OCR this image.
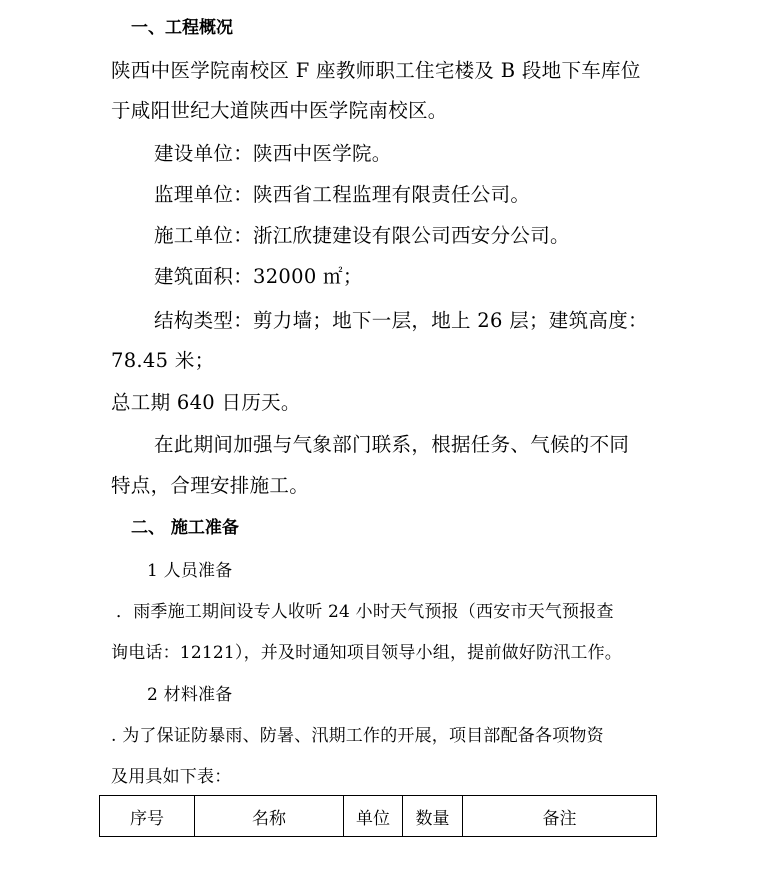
一、工程概况

陕西中医学院南校区 F 座教师职工住宅楼及 B 段地下车库位

于咸阳世纪大道陕西中医学院南校区。

建设单位：陕西中医学院。

监理单位：陕西省工程监理有限责任公司。

施工单位：浙江欣捷建设有限公司西安分公司。

建筑面积：32000 ㎡；

结构类型：剪力墙；地下一层，地上 26 层；建筑高度：

78.45 米；

总工期 640 日历天。

在此期间加强与气象部门联系，根据任务、气候的不同

特点，合理安排施工。

二、 施工准备

1 人员准备

．雨季施工期间设专人收听 24 小时天气预报（西安市天气预报查

询电话：12121），并及时通知项目领导小组，提前做好防汛工作。

2 材料准备

. 为了保证防暴雨、防暑、汛期工作的开展，项目部配备各项物资

及用具如下表：

序号	名称	单位	数量	备注
